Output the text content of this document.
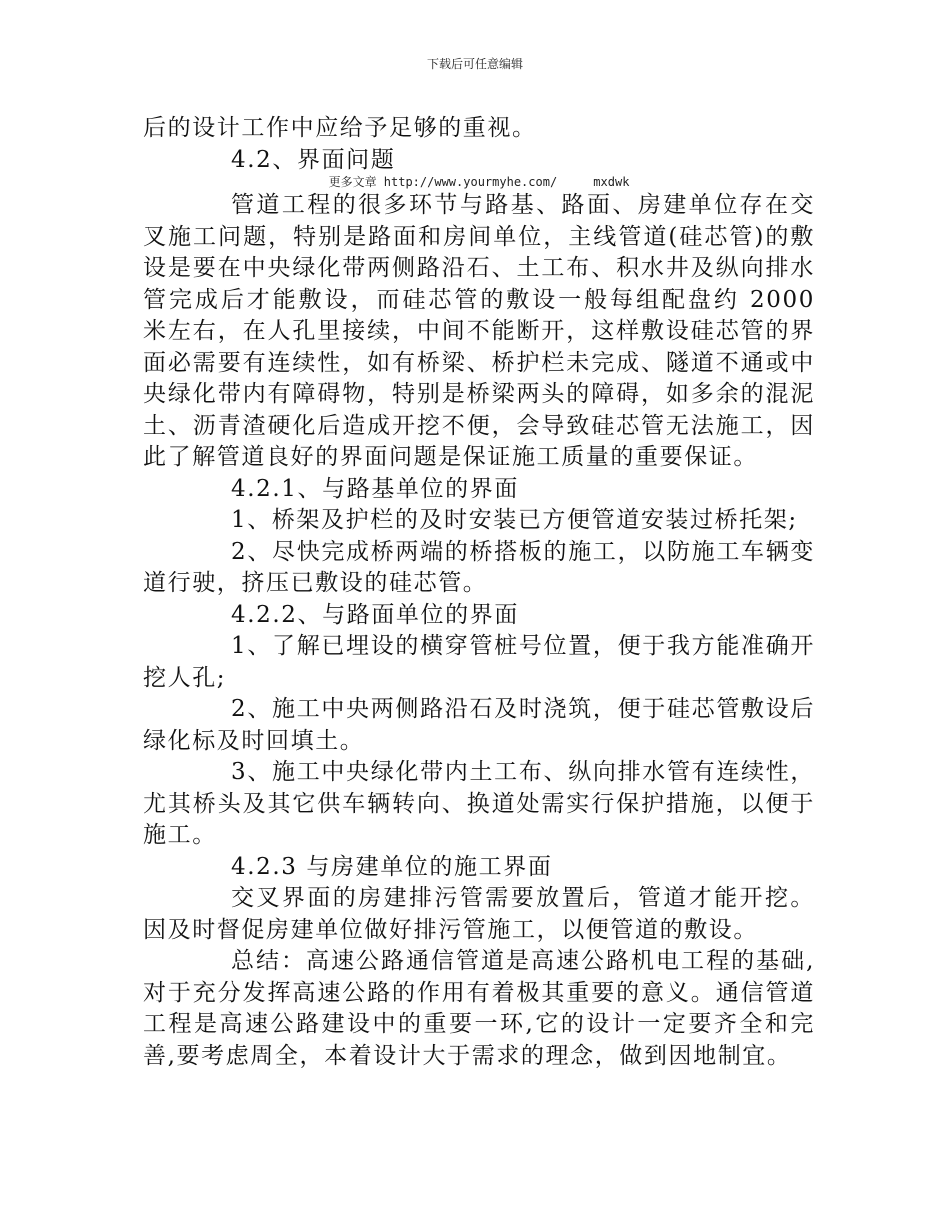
下载后可任意编辑

后的设计工作中应给予足够的重视。

4.2、界面问题

更多文章 http://www.yourmyhe.com/     mxdwk

管道工程的很多环节与路基、路面、房建单位存在交叉施工问题，特别是路面和房间单位，主线管道(硅芯管)的敷设是要在中央绿化带两侧路沿石、土工布、积水井及纵向排水管完成后才能敷设，而硅芯管的敷设一般每组配盘约 2000 米左右，在人孔里接续，中间不能断开，这样敷设硅芯管的界面必需要有连续性，如有桥梁、桥护栏未完成、隧道不通或中央绿化带内有障碍物，特别是桥梁两头的障碍，如多余的混泥土、沥青渣硬化后造成开挖不便，会导致硅芯管无法施工，因此了解管道良好的界面问题是保证施工质量的重要保证。

4.2.1、与路基单位的界面

1、桥架及护栏的及时安装已方便管道安装过桥托架;

2、尽快完成桥两端的桥搭板的施工，以防施工车辆变道行驶，挤压已敷设的硅芯管。

4.2.2、与路面单位的界面

1、了解已埋设的横穿管桩号位置，便于我方能准确开挖人孔;

2、施工中央两侧路沿石及时浇筑，便于硅芯管敷设后绿化标及时回填土。

3、施工中央绿化带内土工布、纵向排水管有连续性，尤其桥头及其它供车辆转向、换道处需实行保护措施，以便于施工。

4.2.3 与房建单位的施工界面

交叉界面的房建排污管需要放置后，管道才能开挖。因及时督促房建单位做好排污管施工，以便管道的敷设。

总结：高速公路通信管道是高速公路机电工程的基础,对于充分发挥高速公路的作用有着极其重要的意义。通信管道工程是高速公路建设中的重要一环,它的设计一定要齐全和完善,要考虑周全，本着设计大于需求的理念，做到因地制宜。
